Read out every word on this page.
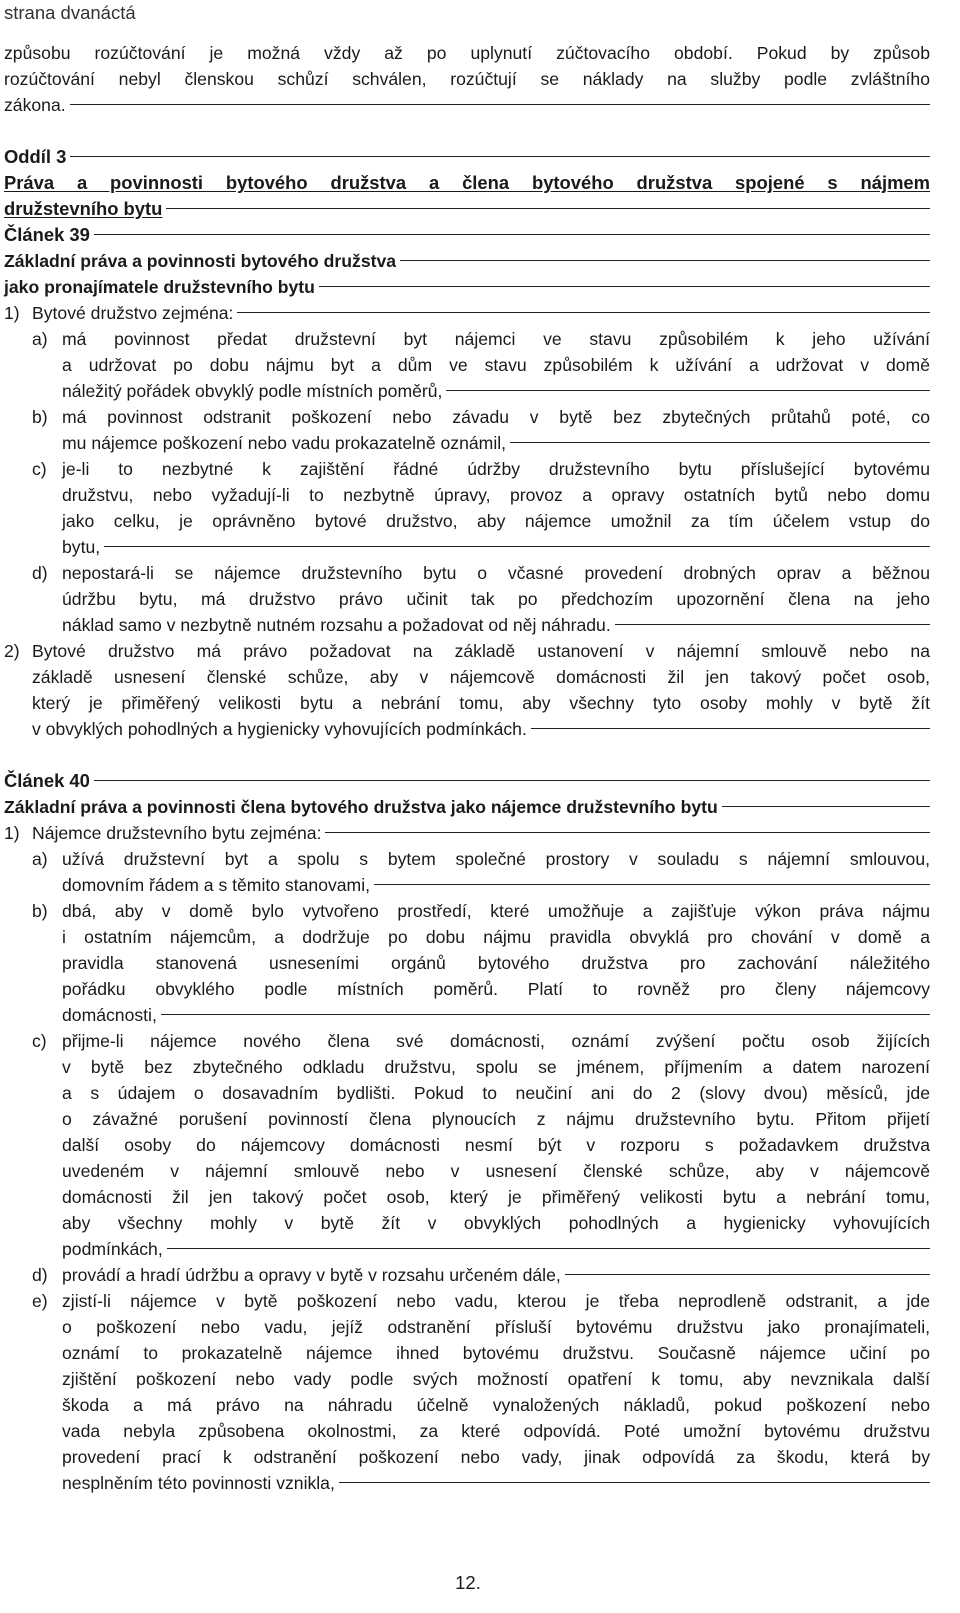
strana dvanáctá
způsobu rozúčtování je možná vždy až po uplynutí zúčtovacího období. Pokud by způsob
rozúčtování nebyl členskou schůzí schválen, rozúčtují se náklady na služby podle zvláštního
zákona.
Oddíl 3
Práva a povinnosti bytového družstva a člena bytového družstva spojené s nájmem
družstevního bytu
Článek 39
Základní práva a povinnosti bytového družstva
jako pronajímatele družstevního bytu
1) Bytové družstvo zejména:
a) má povinnost předat družstevní byt nájemci ve stavu způsobilém k jeho užívání
a udržovat po dobu nájmu byt a dům ve stavu způsobilém k užívání a udržovat v domě
náležitý pořádek obvyklý podle místních poměrů,
b) má povinnost odstranit poškození nebo závadu v bytě bez zbytečných průtahů poté, co
mu nájemce poškození nebo vadu prokazatelně oznámil,
c) je-li to nezbytné k zajištění řádné údržby družstevního bytu příslušející bytovému
družstvu, nebo vyžadují-li to nezbytně úpravy, provoz a opravy ostatních bytů nebo domu
jako celku, je oprávněno bytové družstvo, aby nájemce umožnil za tím účelem vstup do
bytu,
d) nepostará-li se nájemce družstevního bytu o včasné provedení drobných oprav a běžnou
údržbu bytu, má družstvo právo učinit tak po předchozím upozornění člena na jeho
náklad samo v nezbytně nutném rozsahu a požadovat od něj náhradu.
2) Bytové družstvo má právo požadovat na základě ustanovení v nájemní smlouvě nebo na
základě usnesení členské schůze, aby v nájemcově domácnosti žil jen takový počet osob,
který je přiměřený velikosti bytu a nebrání tomu, aby všechny tyto osoby mohly v bytě žít
v obvyklých pohodlných a hygienicky vyhovujících podmínkách.
Článek 40
Základní práva a povinnosti člena bytového družstva jako nájemce družstevního bytu
1) Nájemce družstevního bytu zejména:
a) užívá družstevní byt a spolu s bytem společné prostory v souladu s nájemní smlouvou,
domovním řádem a s těmito stanovami,
b) dbá, aby v domě bylo vytvořeno prostředí, které umožňuje a zajišťuje výkon práva nájmu
i ostatním nájemcům, a dodržuje po dobu nájmu pravidla obvyklá pro chování v domě a
pravidla stanovená usneseními orgánů bytového družstva pro zachování náležitého
pořádku obvyklého podle místních poměrů. Platí to rovněž pro členy nájemcovy
domácnosti,
c) přijme-li nájemce nového člena své domácnosti, oznámí zvýšení počtu osob žijících
v bytě bez zbytečného odkladu družstvu, spolu se jménem, příjmením a datem narození
a s údajem o dosavadním bydlišti. Pokud to neučiní ani do 2 (slovy dvou) měsíců, jde
o závažné porušení povinností člena plynoucích z nájmu družstevního bytu. Přitom přijetí
další osoby do nájemcovy domácnosti nesmí být v rozporu s požadavkem družstva
uvedeném v nájemní smlouvě nebo v usnesení členské schůze, aby v nájemcově
domácnosti žil jen takový počet osob, který je přiměřený velikosti bytu a nebrání tomu,
aby všechny mohly v bytě žít v obvyklých pohodlných a hygienicky vyhovujících
podmínkách,
d) provádí a hradí údržbu a opravy v bytě v rozsahu určeném dále,
e) zjistí-li nájemce v bytě poškození nebo vadu, kterou je třeba neprodleně odstranit, a jde
o poškození nebo vadu, jejíž odstranění přísluší bytovému družstvu jako pronajímateli,
oznámí to prokazatelně nájemce ihned bytovému družstvu. Současně nájemce učiní po
zjištění poškození nebo vady podle svých možností opatření k tomu, aby nevznikala další
škoda a má právo na náhradu účelně vynaložených nákladů, pokud poškození nebo
vada nebyla způsobena okolnostmi, za které odpovídá. Poté umožní bytovému družstvu
provedení prací k odstranění poškození nebo vady, jinak odpovídá za škodu, která by
nesplněním této povinnosti vznikla,
12.
